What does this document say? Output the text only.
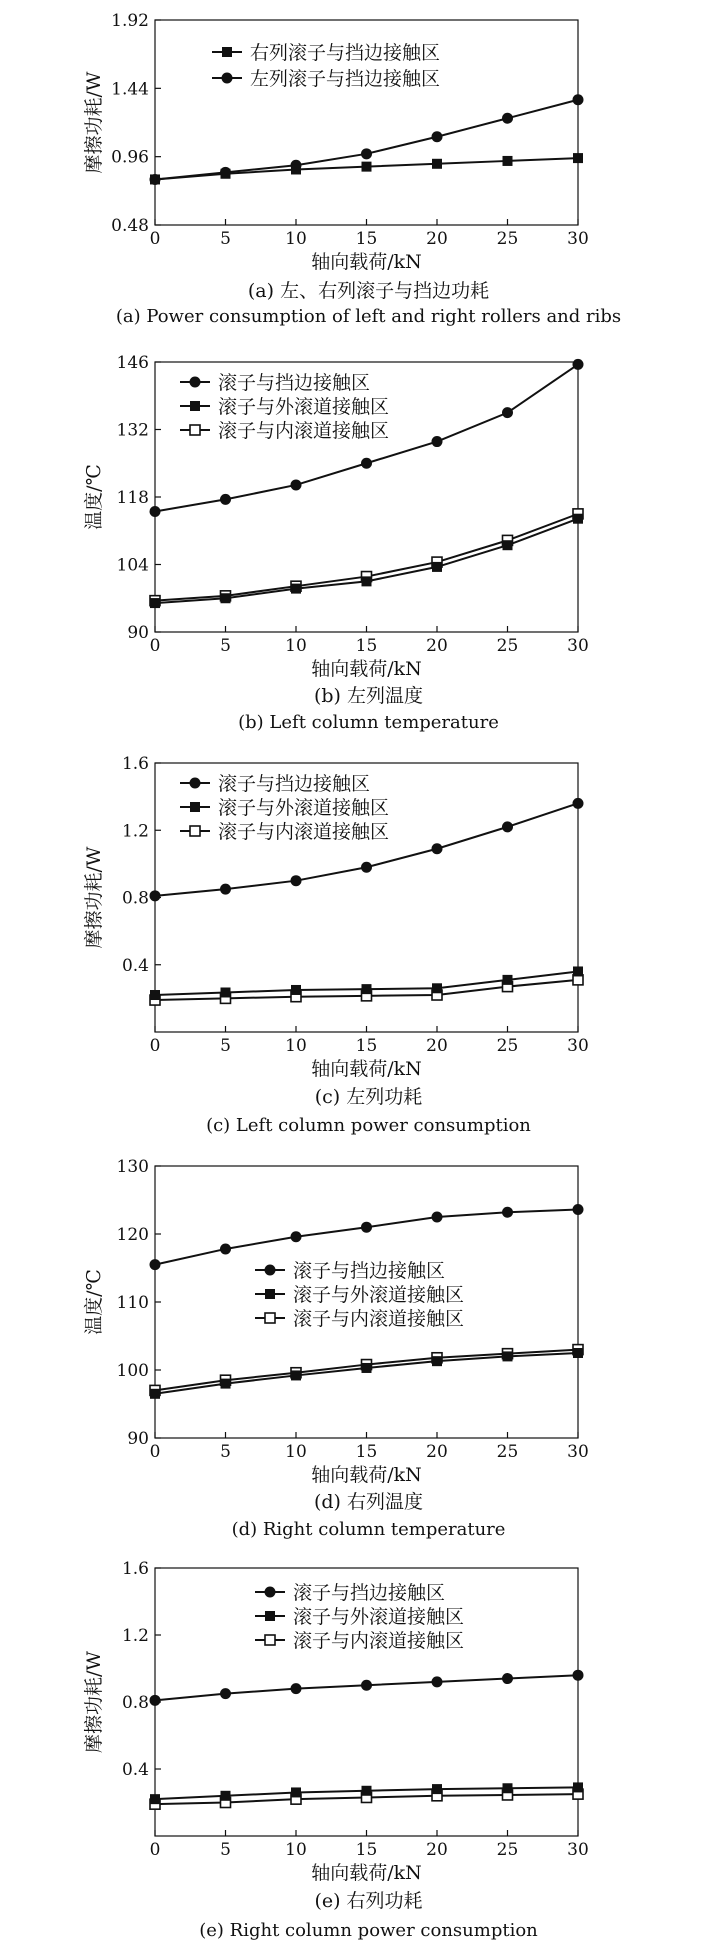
0	5	10	15	20	25	30
0.48
0.96
1.44
1.92
轴向载荷/kN
摩擦功耗/W
右列滚子与挡边接触区
左列滚子与挡边接触区
(a) 左、右列滚子与挡边功耗
(a) Power consumption of left and right rollers and ribs
0	5	10	15	20	25	30
90
104
118
132
146
轴向载荷/kN
温度/℃
滚子与挡边接触区
滚子与外滚道接触区
滚子与内滚道接触区
(b) 左列温度
(b) Left column temperature
0	5	10	15	20	25	30
0.4
0.8
1.2
1.6
轴向载荷/kN
摩擦功耗/W
滚子与挡边接触区
滚子与外滚道接触区
滚子与内滚道接触区
(c) 左列功耗
(c) Left column power consumption
0	5	10	15	20	25	30
90
100
110
120
130
轴向载荷/kN
温度/℃	滚子与挡边接触区
滚子与外滚道接触区
滚子与内滚道接触区
(d) 右列温度
(d) Right column temperature
0	5	10	15	20	25	30
0.4
0.8
1.2
1.6
轴向载荷/kN
摩擦功耗/W
滚子与挡边接触区
滚子与外滚道接触区
滚子与内滚道接触区
(e) 右列功耗
(e) Right column power consumption
